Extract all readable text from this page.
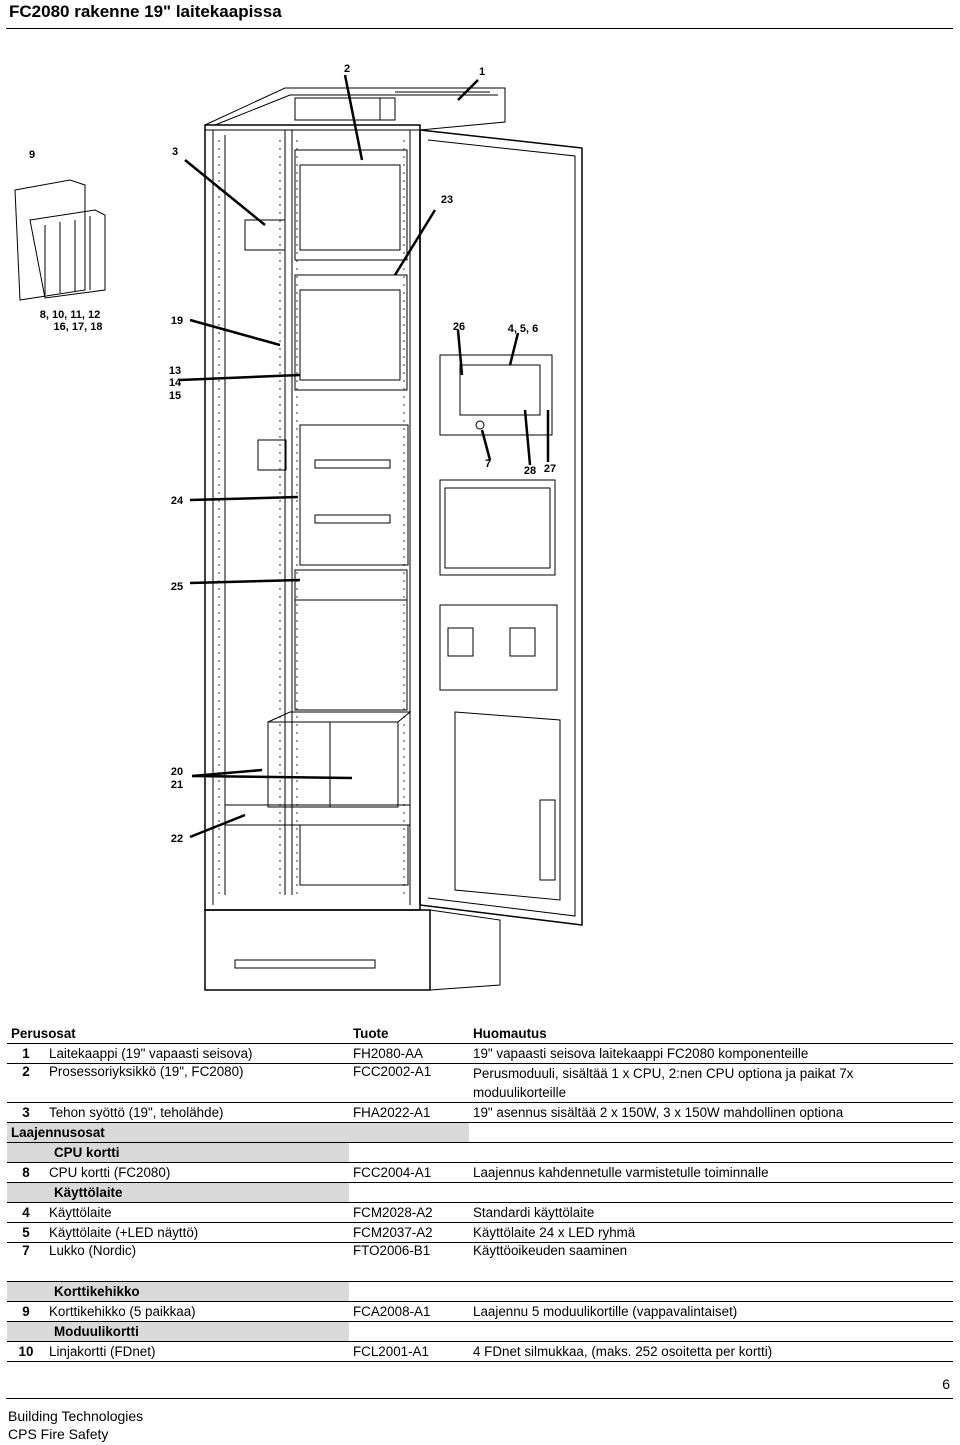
FC2080 rakenne 19" laitekaapissa
2	1
9	3
23
8, 10, 11, 12
16, 17, 18	19	26	4, 5, 6
13
14
15
7
28 27
24
25
20
21
22
Perusosat		Tuote	Huomautus
1	Laitekaappi (19" vapaasti seisova)	FH2080-AA	19" vapaasti seisova laitekaappi FC2080 komponenteille
2	Prosessoriyksikkö (19", FC2080)	FCC2002-A1	Perusmoduuli, sisältää 1 x CPU, 2:nen CPU optiona ja paikat 7x moduulikorteille
3	Tehon syöttö (19", teholähde)	FHA2022-A1	19" asennus sisältää 2 x 150W, 3 x 150W mahdollinen optiona
Laajennusosat			
	CPU kortti		
8	CPU kortti (FC2080)	FCC2004-A1	Laajennus kahdennetulle varmistetulle toiminnalle
	Käyttölaite		
4	Käyttölaite	FCM2028-A2	Standardi käyttölaite
5	Käyttölaite (+LED näyttö)	FCM2037-A2	Käyttölaite 24 x LED ryhmä
7	Lukko (Nordic)	FTO2006-B1	Käyttöoikeuden saaminen
	Korttikehikko		
9	Korttikehikko (5 paikkaa)	FCA2008-A1	Laajennu 5 moduulikortille (vappavalintaiset)
	Moduulikortti		
10	Linjakortti (FDnet)	FCL2001-A1	4 FDnet silmukkaa, (maks. 252 osoitetta per kortti)
6
Building Technologies
CPS Fire Safety
